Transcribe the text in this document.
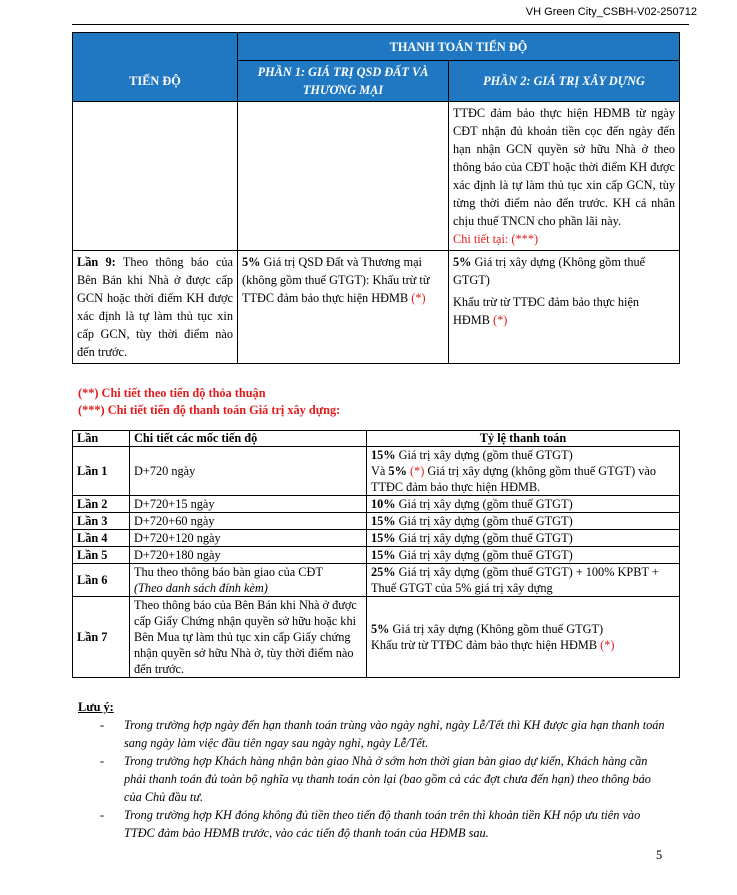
VH Green City_CSBH-V02-250712
	THANH TOÁN TIẾN ĐỘ	
TIẾN ĐỘ	PHẦN 1: GIÁ TRỊ QSD ĐẤT VÀ THƯƠNG MẠI	PHẦN 2: GIÁ TRỊ XÂY DỰNG

		TTĐC đảm bảo thực hiện HĐMB từ ngày CĐT nhận đủ khoản tiền cọc đến ngày đến hạn nhận GCN quyền sở hữu Nhà ở theo thông báo của CĐT hoặc thời điểm KH được xác định là tự làm thủ tục xin cấp GCN, tùy từng thời điểm nào đến trước. KH cá nhân chịu thuế TNCN cho phần lãi này.
Chi tiết tại: (***)

Lần 9: Theo thông báo của Bên Bán khi Nhà ở được cấp GCN hoặc thời điểm KH được xác định là tự làm thủ tục xin cấp GCN, tùy thời điểm nào đến trước.	5% Giá trị QSD Đất và Thương mại (không gồm thuế GTGT): Khấu trừ từ TTĐC đảm bảo thực hiện HĐMB (*)	5% Giá trị xây dựng (Không gồm thuế GTGT)
Khấu trừ từ TTĐC đảm bảo thực hiện HĐMB (*)
(**) Chi tiết theo tiến độ thỏa thuận
(***) Chi tiết tiến độ thanh toán Giá trị xây dựng:
Lần	Chi tiết các mốc tiến độ	Tỷ lệ thanh toán
Lần 1	D+720 ngày	15% Giá trị xây dựng (gồm thuế GTGT)
Và 5% (*) Giá trị xây dựng (không gồm thuế GTGT) vào TTĐC đảm bảo thực hiện HĐMB.

Lần 2	D+720+15 ngày	10% Giá trị xây dựng (gồm thuế GTGT)
Lần 3	D+720+60 ngày	15% Giá trị xây dựng (gồm thuế GTGT)
Lần 4	D+720+120 ngày	15% Giá trị xây dựng (gồm thuế GTGT)
Lần 5	D+720+180 ngày	15% Giá trị xây dựng (gồm thuế GTGT)
Lần 6	Thu theo thông báo bàn giao của CĐT
(Theo danh sách đính kèm)	25% Giá trị xây dựng (gồm thuế GTGT) + 100% KPBT + Thuế GTGT của 5% giá trị xây dựng
Lần 7	Theo thông báo của Bên Bán khi Nhà ở được cấp Giấy Chứng nhận quyền sở hữu hoặc khi Bên Mua tự làm thủ tục xin cấp Giấy chứng nhận quyền sở hữu Nhà ở, tùy thời điểm nào đến trước.	5% Giá trị xây dựng (Không gồm thuế GTGT)
Khấu trừ từ TTĐC đảm bảo thực hiện HĐMB (*)
Lưu ý:
- Trong trường hợp ngày đến hạn thanh toán trùng vào ngày nghỉ, ngày Lễ/Tết thì KH được gia hạn thanh toán sang ngày làm việc đầu tiên ngay sau ngày nghỉ, ngày Lễ/Tết.
- Trong trường hợp Khách hàng nhận bàn giao Nhà ở sớm hơn thời gian bàn giao dự kiến, Khách hàng cần phải thanh toán đủ toàn bộ nghĩa vụ thanh toán còn lại (bao gồm cả các đợt chưa đến hạn) theo thông báo của Chủ đầu tư.
- Trong trường hợp KH đóng không đủ tiền theo tiến độ thanh toán trên thì khoản tiền KH nộp ưu tiên vào TTĐC đảm bảo HĐMB trước, vào các tiến độ thanh toán của HĐMB sau.
5
